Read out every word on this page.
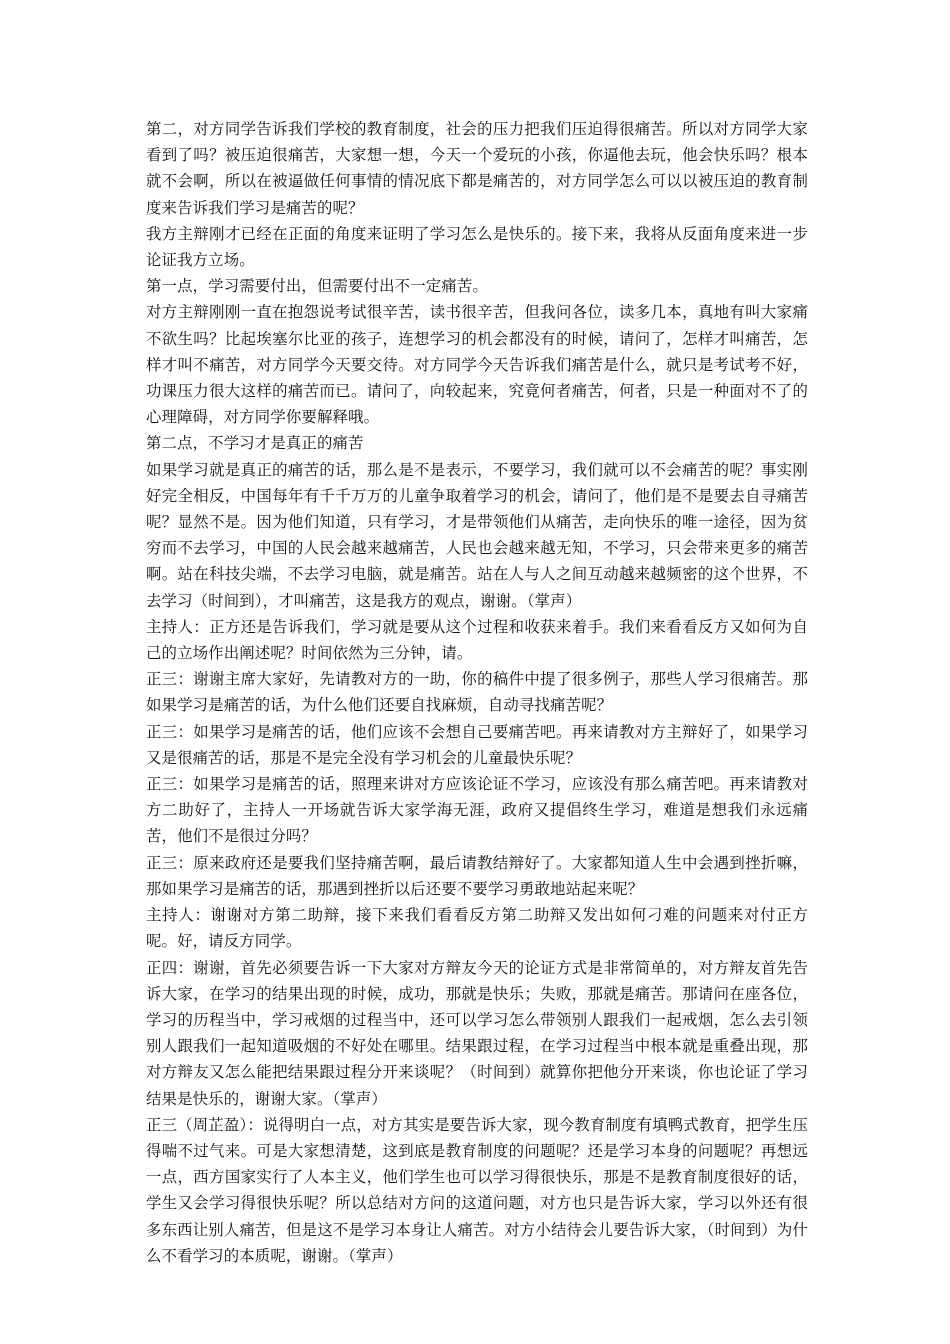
第二，对方同学告诉我们学校的教育制度，社会的压力把我们压迫得很痛苦。所以对方同学大家看到了吗？被压迫很痛苦，大家想一想，今天一个爱玩的小孩，你逼他去玩，他会快乐吗？根本就不会啊，所以在被逼做任何事情的情况底下都是痛苦的，对方同学怎么可以以被压迫的教育制度来告诉我们学习是痛苦的呢？

我方主辩刚才已经在正面的角度来证明了学习怎么是快乐的。接下来，我将从反面角度来进一步论证我方立场。

第一点，学习需要付出，但需要付出不一定痛苦。

对方主辩刚刚一直在抱怨说考试很辛苦，读书很辛苦，但我问各位，读多几本，真地有叫大家痛不欲生吗？比起埃塞尔比亚的孩子，连想学习的机会都没有的时候，请问了，怎样才叫痛苦，怎样才叫不痛苦，对方同学今天要交待。对方同学今天告诉我们痛苦是什么，就只是考试考不好，功课压力很大这样的痛苦而已。请问了，向较起来，究竟何者痛苦，何者，只是一种面对不了的心理障碍，对方同学你要解释哦。

第二点，不学习才是真正的痛苦

如果学习就是真正的痛苦的话，那么是不是表示，不要学习，我们就可以不会痛苦的呢？事实刚好完全相反，中国每年有千千万万的儿童争取着学习的机会，请问了，他们是不是要去自寻痛苦呢？显然不是。因为他们知道，只有学习，才是带领他们从痛苦，走向快乐的唯一途径，因为贫穷而不去学习，中国的人民会越来越痛苦，人民也会越来越无知，不学习，只会带来更多的痛苦啊。站在科技尖端，不去学习电脑，就是痛苦。站在人与人之间互动越来越频密的这个世界，不去学习（时间到），才叫痛苦，这是我方的观点，谢谢。（掌声）

主持人：正方还是告诉我们，学习就是要从这个过程和收获来着手。我们来看看反方又如何为自己的立场作出阐述呢？时间依然为三分钟，请。

正三：谢谢主席大家好，先请教对方的一助，你的稿件中提了很多例子，那些人学习很痛苦。那如果学习是痛苦的话，为什么他们还要自找麻烦，自动寻找痛苦呢？

正三：如果学习是痛苦的话，他们应该不会想自己要痛苦吧。再来请教对方主辩好了，如果学习又是很痛苦的话，那是不是完全没有学习机会的儿童最快乐呢？

正三：如果学习是痛苦的话，照理来讲对方应该论证不学习，应该没有那么痛苦吧。再来请教对方二助好了，主持人一开场就告诉大家学海无涯，政府又提倡终生学习，难道是想我们永远痛苦，他们不是很过分吗？

正三：原来政府还是要我们坚持痛苦啊，最后请教结辩好了。大家都知道人生中会遇到挫折嘛，那如果学习是痛苦的话，那遇到挫折以后还要不要学习勇敢地站起来呢？

主持人：谢谢对方第二助辩，接下来我们看看反方第二助辩又发出如何刁难的问题来对付正方呢。好，请反方同学。

正四：谢谢，首先必须要告诉一下大家对方辩友今天的论证方式是非常简单的，对方辩友首先告诉大家，在学习的结果出现的时候，成功，那就是快乐；失败，那就是痛苦。那请问在座各位，学习的历程当中，学习戒烟的过程当中，还可以学习怎么带领别人跟我们一起戒烟，怎么去引领别人跟我们一起知道吸烟的不好处在哪里。结果跟过程，在学习过程当中根本就是重叠出现，那对方辩友又怎么能把结果跟过程分开来谈呢？（时间到）就算你把他分开来谈，你也论证了学习结果是快乐的，谢谢大家。（掌声）

正三（周芷盈）：说得明白一点，对方其实是要告诉大家，现今教育制度有填鸭式教育，把学生压得喘不过气来。可是大家想清楚，这到底是教育制度的问题呢？还是学习本身的问题呢？再想远一点，西方国家实行了人本主义，他们学生也可以学习得很快乐，那是不是教育制度很好的话，学生又会学习得很快乐呢？所以总结对方问的这道问题，对方也只是告诉大家，学习以外还有很多东西让别人痛苦，但是这不是学习本身让人痛苦。对方小结待会儿要告诉大家，（时间到）为什么不看学习的本质呢，谢谢。（掌声）
